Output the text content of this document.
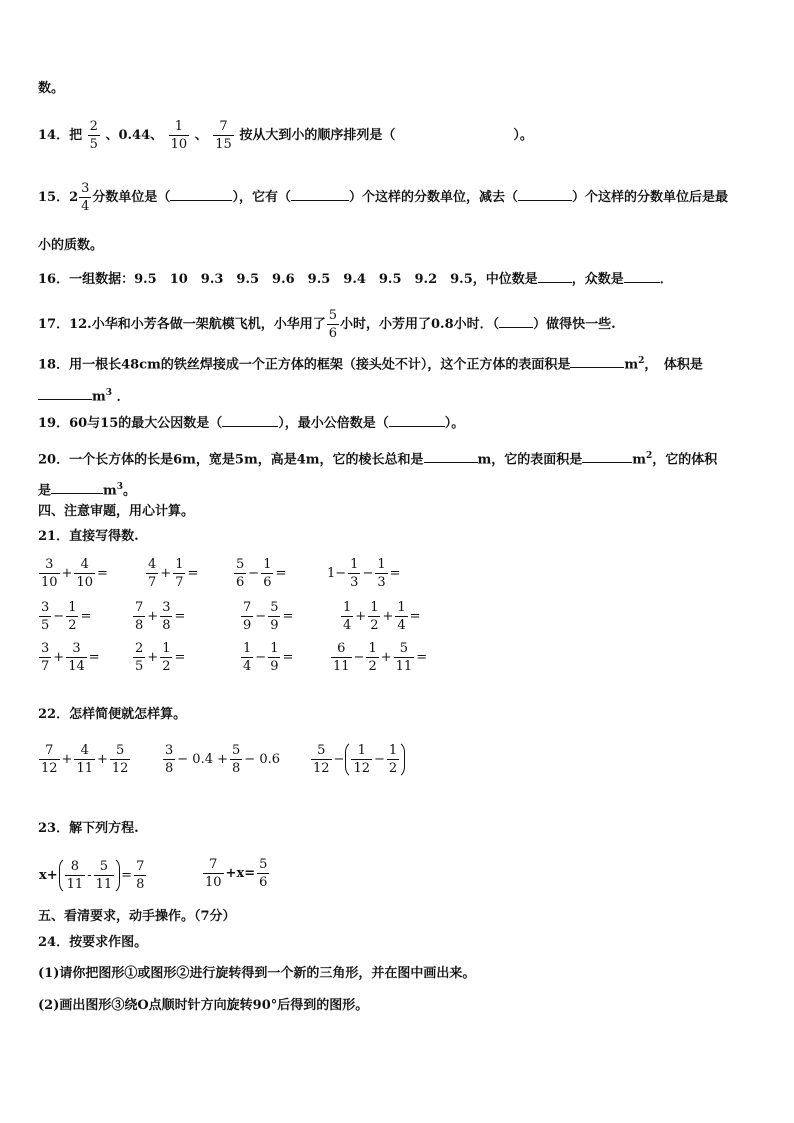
数。
14．把 $\frac{2}{5}$ 、0.44、 $\frac{1}{10}$ 、 $\frac{7}{15}$ 按从大到小的顺序排列是（	）。
15．$2 \frac{3}{4}$ 分数单位是（	），它有（	）个这样的分数单位，减去（	）个这样的分数单位后是最
小的质数。
16．一组数据：9.5　10　9.3　9.5　9.6　9.5　9.4　9.5　9.2　9.5，中位数是	，众数是	．
17．12.小华和小芳各做一架航模飞机，小华用了 $\frac{5}{6}$ 小时，小芳用了0.8小时．（	）做得快一些.
18．用一根长48cm的铁丝焊接成一个正方体的框架（接头处不计），这个正方体的表面积是	$m^2$，　体积是
$m^3$ ．
19．60与15的最大公因数是（	），最小公倍数是（	）。
20．一个长方体的长是6m，宽是5m，高是4m，它的棱长总和是	m，它的表面积是	$m^2$，它的体积
是	$m^3$。
四、注意审题，用心计算。
21．直接写得数.
$\frac{3}{10} + \frac{4}{10}$ =	$\frac{4}{7} + \frac{1}{7}$ =	$\frac{5}{6} - \frac{1}{6}$ =	$1- \frac{1}{3} - \frac{1}{3}$ =
$\frac{3}{5} - \frac{1}{2}$ =	$\frac{7}{8} + \frac{3}{8}$ =	$\frac{7}{9} - \frac{5}{9}$ =	$\frac{1}{4} + \frac{1}{2} + \frac{1}{4}$ =
$\frac{3}{7} + \frac{3}{14}$ =	$\frac{2}{5} + \frac{1}{2}$ =	$\frac{1}{4} - \frac{1}{9}$ =	$\frac{6}{11} - \frac{1}{2} + \frac{5}{11}$ =
22．怎样简便就怎样算。
$\frac{7}{12} + \frac{4}{11} + \frac{5}{12}$	$\frac{3}{8} - 0.4 + \frac{5}{8} - 0.6 \frac{5}{12} - \frac{1}{12} - \frac{1}{2}$
23．解下列方程.
$x+ \frac{8}{11} - \frac{5}{11} = \frac{7}{8}$	$\frac{7}{10} +x= \frac{5}{6}$
五、看清要求，动手操作。（7分）
24．按要求作图。
(1)请你把图形①或图形②进行旋转得到一个新的三角形，并在图中画出来。
(2)画出图形③绕O点顺时针方向旋转90°后得到的图形。
